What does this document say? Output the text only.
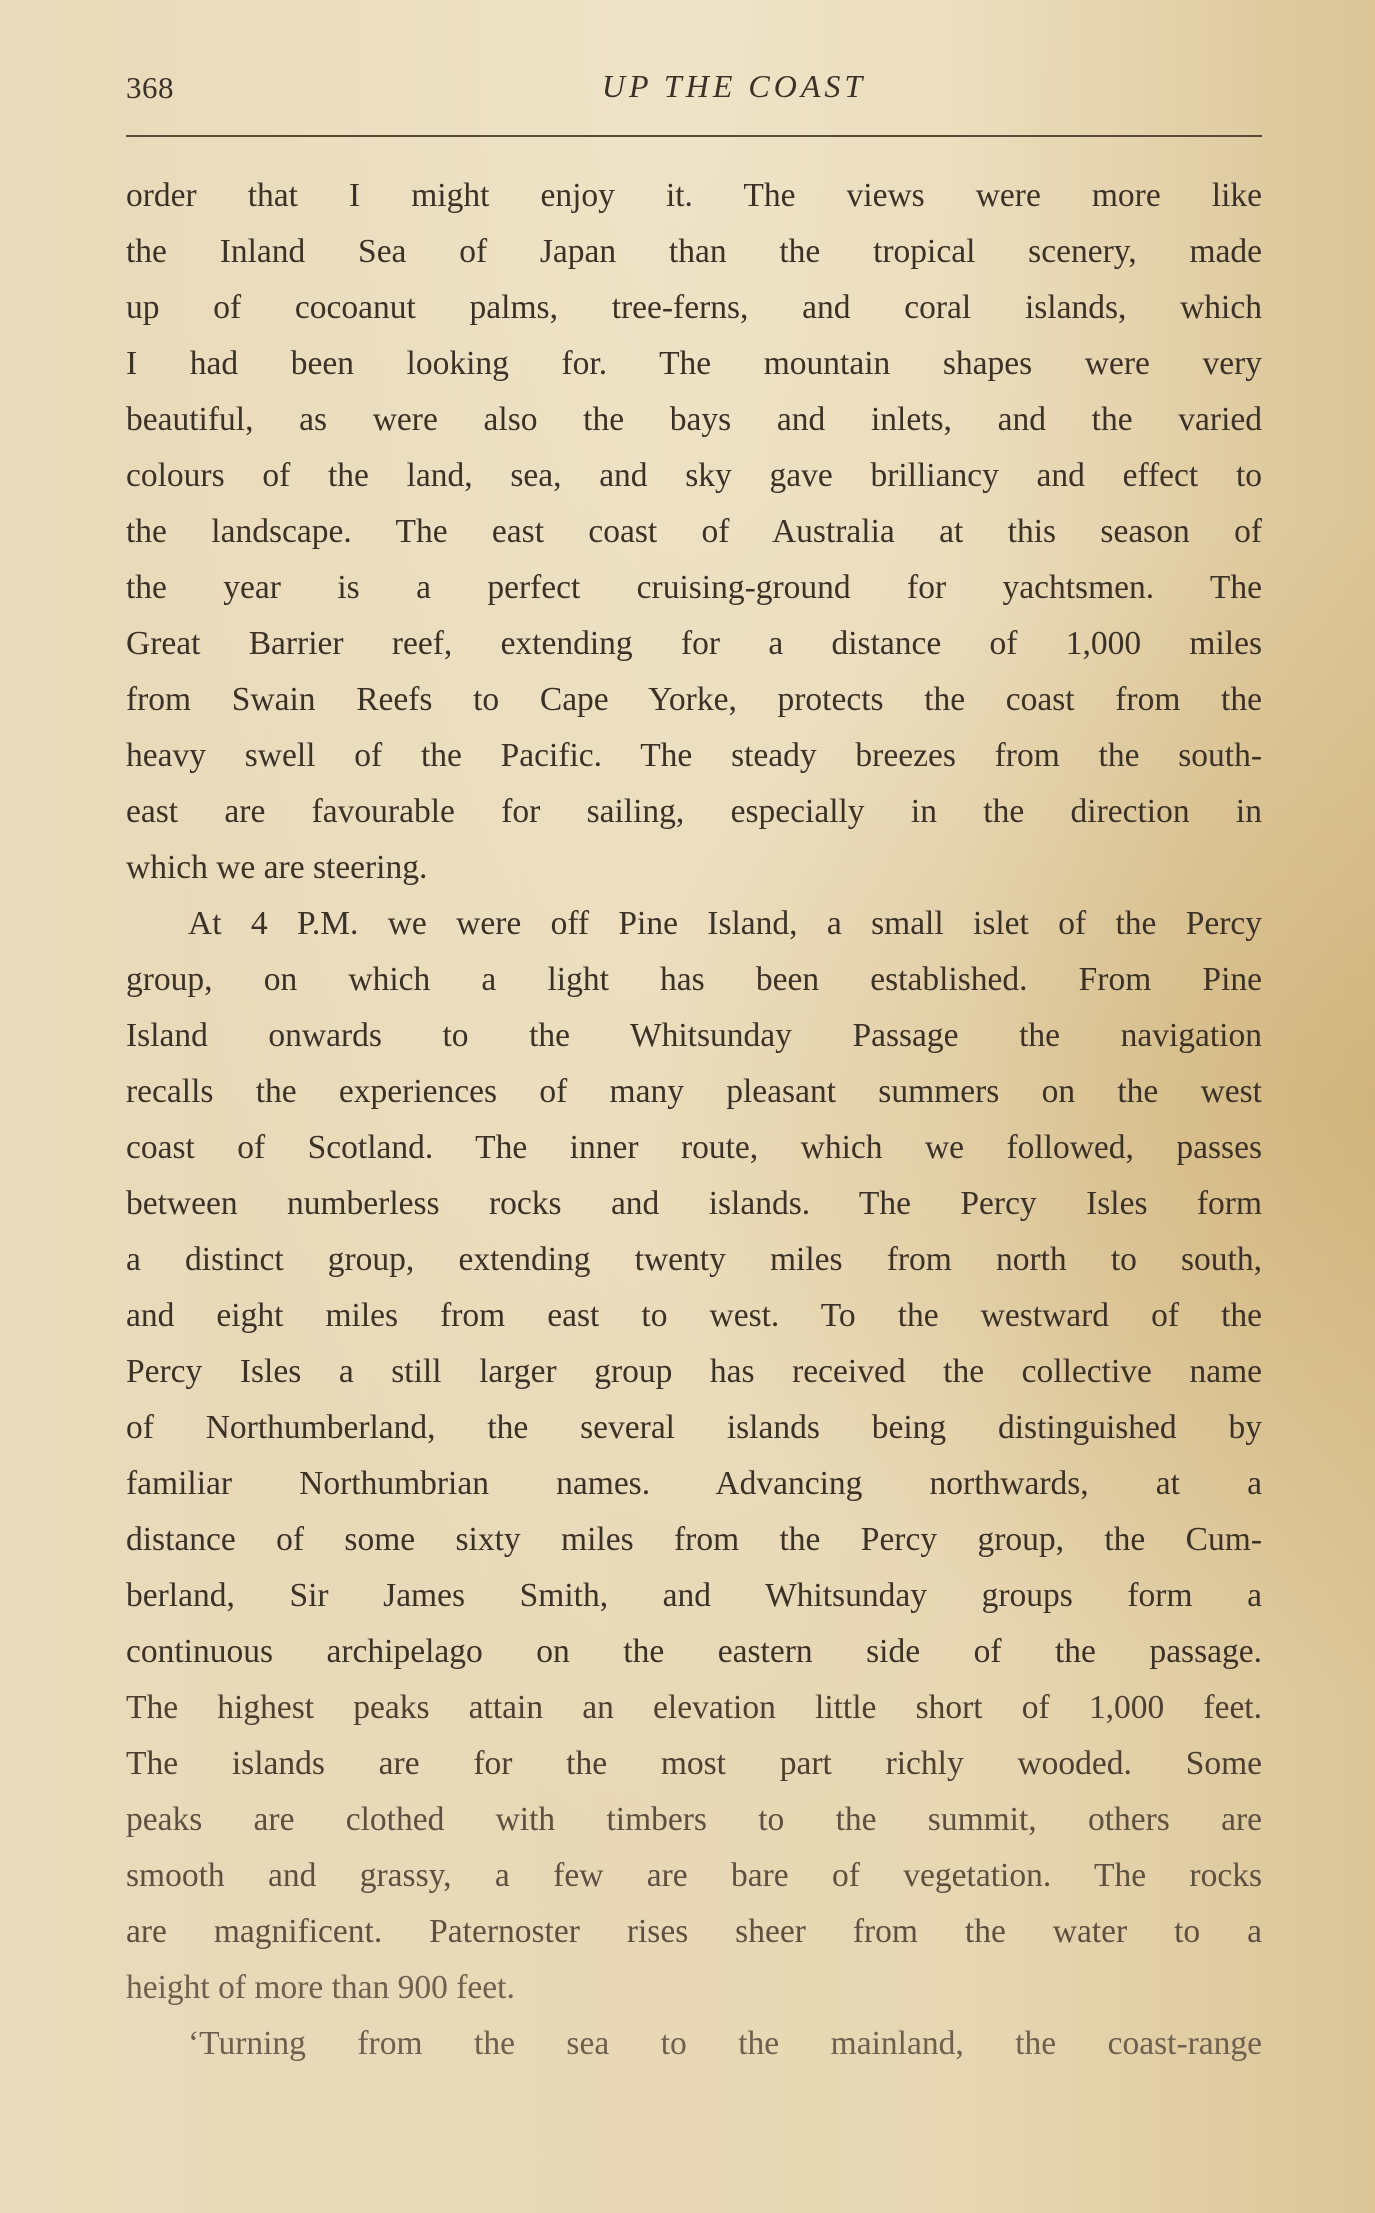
368	UP THE COAST
order that I might enjoy it. The views were more like
the Inland Sea of Japan than the tropical scenery, made
up of cocoanut palms, tree-ferns, and coral islands, which
I had been looking for. The mountain shapes were very
beautiful, as were also the bays and inlets, and the varied
colours of the land, sea, and sky gave brilliancy and effect to
the landscape. The east coast of Australia at this season of
the year is a perfect cruising-ground for yachtsmen. The
Great Barrier reef, extending for a distance of 1,000 miles
from Swain Reefs to Cape Yorke, protects the coast from the
heavy swell of the Pacific. The steady breezes from the south-
east are favourable for sailing, especially in the direction in
which we are steering.
At 4 P.M. we were off Pine Island, a small islet of the Percy
group, on which a light has been established. From Pine
Island onwards to the Whitsunday Passage the navigation
recalls the experiences of many pleasant summers on the west
coast of Scotland. The inner route, which we followed, passes
between numberless rocks and islands. The Percy Isles form
a distinct group, extending twenty miles from north to south,
and eight miles from east to west. To the westward of the
Percy Isles a still larger group has received the collective name
of Northumberland, the several islands being distinguished by
familiar Northumbrian names. Advancing northwards, at a
distance of some sixty miles from the Percy group, the Cum-
berland, Sir James Smith, and Whitsunday groups form a
continuous archipelago on the eastern side of the passage.
The highest peaks attain an elevation little short of 1,000 feet.
The islands are for the most part richly wooded. Some
peaks are clothed with timbers to the summit, others are
smooth and grassy, a few are bare of vegetation. The rocks
are magnificent. Paternoster rises sheer from the water to a
height of more than 900 feet.
‘Turning from the sea to the mainland, the coast-range
